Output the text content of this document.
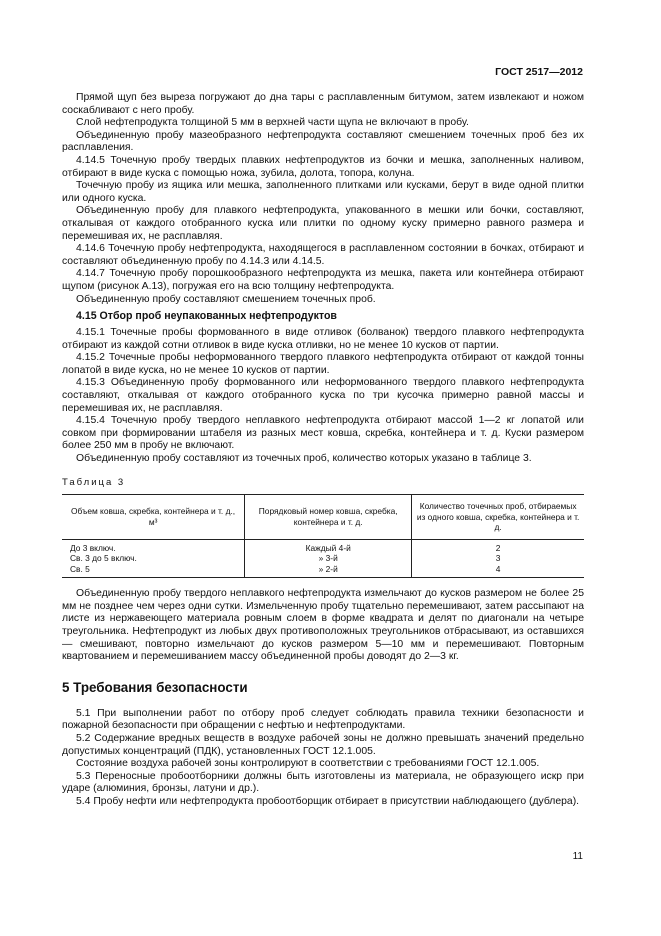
ГОСТ 2517—2012

Прямой щуп без выреза погружают до дна тары с расплавленным битумом, затем извлекают и ножом соскабливают с него пробу.

Слой нефтепродукта толщиной 5 мм в верхней части щупа не включают в пробу.

Объединенную пробу мазеобразного нефтепродукта составляют смешением точечных проб без их расплавления.

4.14.5 Точечную пробу твердых плавких нефтепродуктов из бочки и мешка, заполненных наливом, отбирают в виде куска с помощью ножа, зубила, долота, топора, колуна.

Точечную пробу из ящика или мешка, заполненного плитками или кусками, берут в виде одной плитки или одного куска.

Объединенную пробу для плавкого нефтепродукта, упакованного в мешки или бочки, составляют, откалывая от каждого отобранного куска или плитки по одному куску примерно равного размера и перемешивая их, не расплавляя.

4.14.6 Точечную пробу нефтепродукта, находящегося в расплавленном состоянии в бочках, отбирают и составляют объединенную пробу по 4.14.3 или 4.14.5.

4.14.7 Точечную пробу порошкообразного нефтепродукта из мешка, пакета или контейнера отбирают щупом (рисунок А.13), погружая его на всю толщину нефтепродукта.

Объединенную пробу составляют смешением точечных проб.

4.15 Отбор проб неупакованных нефтепродуктов

4.15.1 Точечные пробы формованного в виде отливок (болванок) твердого плавкого нефтепродукта отбирают из каждой сотни отливок в виде куска отливки, но не менее 10 кусков от партии.

4.15.2 Точечные пробы неформованного твердого плавкого нефтепродукта отбирают от каждой тонны лопатой в виде куска, но не менее 10 кусков от партии.

4.15.3 Объединенную пробу формованного или неформованного твердого плавкого нефтепродукта составляют, откалывая от каждого отобранного куска по три кусочка примерно равной массы и перемешивая их, не расплавляя.

4.15.4 Точечную пробу твердого неплавкого нефтепродукта отбирают массой 1—2 кг лопатой или совком при формировании штабеля из разных мест ковша, скребка, контейнера и т. д. Куски размером более 250 мм в пробу не включают.

Объединенную пробу составляют из точечных проб, количество которых указано в таблице 3.

Таблица 3

Объем ковша, скребка, контейнера и т. д., м³	Порядковый номер ковша, скребка, контейнера и т. д.	Количество точечных проб, отбираемых из одного ковша, скребка, контейнера и т. д.
До 3 включ.	Каждый 4-й	2
Св. 3 до 5 включ.	» 3-й	3
Св. 5	» 2-й	4

Объединенную пробу твердого неплавкого нефтепродукта измельчают до кусков размером не более 25 мм не позднее чем через одни сутки. Измельченную пробу тщательно перемешивают, затем рассыпают на листе из нержавеющего материала ровным слоем в форме квадрата и делят по диагонали на четыре треугольника. Нефтепродукт из любых двух противоположных треугольников отбрасывают, из оставшихся — смешивают, повторно измельчают до кусков размером 5—10 мм и перемешивают. Повторным квартованием и перемешиванием массу объединенной пробы доводят до 2—3 кг.

5 Требования безопасности

5.1 При выполнении работ по отбору проб следует соблюдать правила техники безопасности и пожарной безопасности при обращении с нефтью и нефтепродуктами.

5.2 Содержание вредных веществ в воздухе рабочей зоны не должно превышать значений предельно допустимых концентраций (ПДК), установленных ГОСТ 12.1.005.

Состояние воздуха рабочей зоны контролируют в соответствии с требованиями ГОСТ 12.1.005.

5.3 Переносные пробоотборники должны быть изготовлены из материала, не образующего искр при ударе (алюминия, бронзы, латуни и др.).

5.4 Пробу нефти или нефтепродукта пробоотборщик отбирает в присутствии наблюдающего (дублера).

11
